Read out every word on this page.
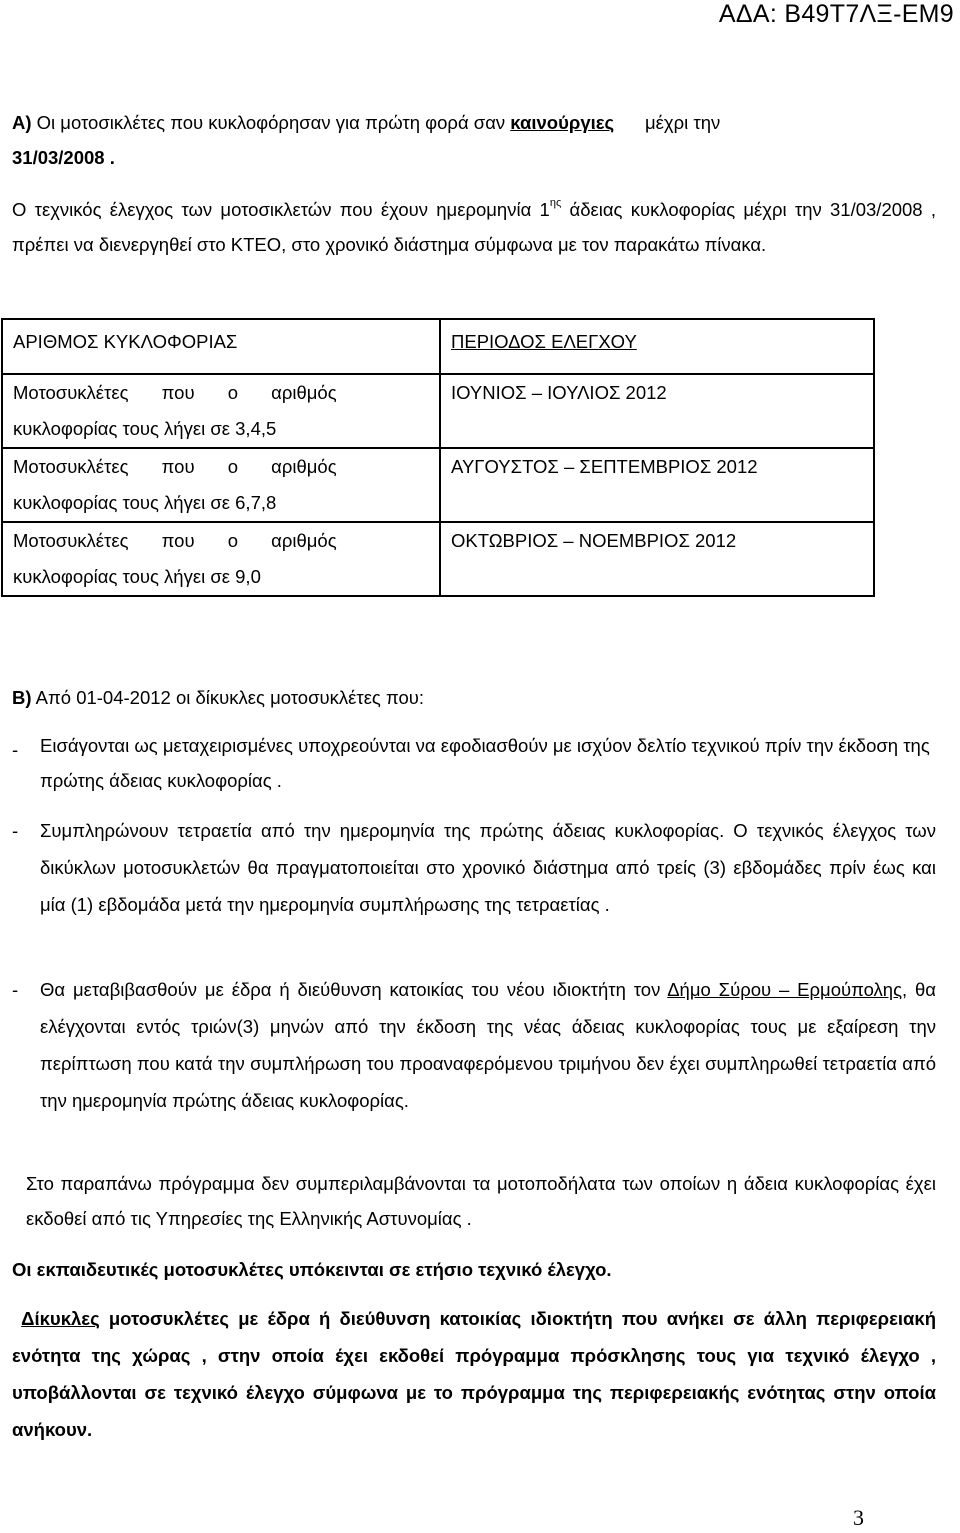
ΑΔΑ: Β49Τ7ΛΞ-ΕΜ9

Α) Οι μοτοσικλέτες που κυκλοφόρησαν για πρώτη φορά σαν καινούργιες μέχρι την
31/03/2008 .

Ο τεχνικός έλεγχος των μοτοσικλετών που έχουν ημερομηνία $1^{\eta\varsigma}$ άδειας κυκλοφορίας μέχρι την 31/03/2008 , πρέπει να διενεργηθεί στο ΚΤΕΟ, στο χρονικό διάστημα σύμφωνα με τον παρακάτω πίνακα.

ΑΡΙΘΜΟΣ ΚΥΚΛΟΦΟΡΙΑΣ	ΠΕΡΙΟΔΟΣ ΕΛΕΓΧΟΥ

Μοτοσυκλέτες που ο αριθμός
κυκλοφορίας τους λήγει σε 3,4,5	ΙΟΥΝΙΟΣ – ΙΟΥΛΙΟΣ 2012

Μοτοσυκλέτες που ο αριθμός
κυκλοφορίας τους λήγει σε 6,7,8	ΑΥΓΟΥΣΤΟΣ – ΣΕΠΤΕΜΒΡΙΟΣ 2012

Μοτοσυκλέτες που ο αριθμός
κυκλοφορίας τους λήγει σε 9,0	ΟΚΤΩΒΡΙΟΣ – ΝΟΕΜΒΡΙΟΣ 2012

Β) Από 01-04-2012 οι δίκυκλες μοτοσυκλέτες που:

-	Εισάγονται ως μεταχειρισμένες υποχρεούνται να εφοδιασθούν με ισχύον δελτίο τεχνικού πρίν την έκδοση της πρώτης άδειας κυκλοφορίας .

-	Συμπληρώνουν τετραετία από την ημερομηνία της πρώτης άδειας κυκλοφορίας. Ο τεχνικός έλεγχος των δικύκλων μοτοσυκλετών θα πραγματοποιείται στο χρονικό διάστημα από τρείς (3) εβδομάδες πρίν έως και μία (1) εβδομάδα μετά την ημερομηνία συμπλήρωσης της τετραετίας .

-	Θα μεταβιβασθούν με έδρα ή διεύθυνση κατοικίας του νέου ιδιοκτήτη τον Δήμο Σύρου – Ερμούπολης, θα ελέγχονται εντός τριών(3) μηνών από την έκδοση της νέας άδειας κυκλοφορίας τους με εξαίρεση την περίπτωση που κατά την συμπλήρωση του προαναφερόμενου τριμήνου δεν έχει συμπληρωθεί τετραετία από την ημερομηνία πρώτης άδειας κυκλοφορίας.

Στο παραπάνω πρόγραμμα δεν συμπεριλαμβάνονται τα μοτοποδήλατα των οποίων η άδεια κυκλοφορίας έχει εκδοθεί από τις Υπηρεσίες της Ελληνικής Αστυνομίας .

Οι εκπαιδευτικές μοτοσυκλέτες υπόκεινται σε ετήσιο τεχνικό έλεγχο.

Δίκυκλες μοτοσυκλέτες με έδρα ή διεύθυνση κατοικίας ιδιοκτήτη που ανήκει σε άλλη περιφερειακή ενότητα της χώρας , στην οποία έχει εκδοθεί πρόγραμμα πρόσκλησης τους για τεχνικό έλεγχο , υποβάλλονται σε τεχνικό έλεγχο σύμφωνα με το πρόγραμμα της περιφερειακής ενότητας στην οποία ανήκουν.

3
